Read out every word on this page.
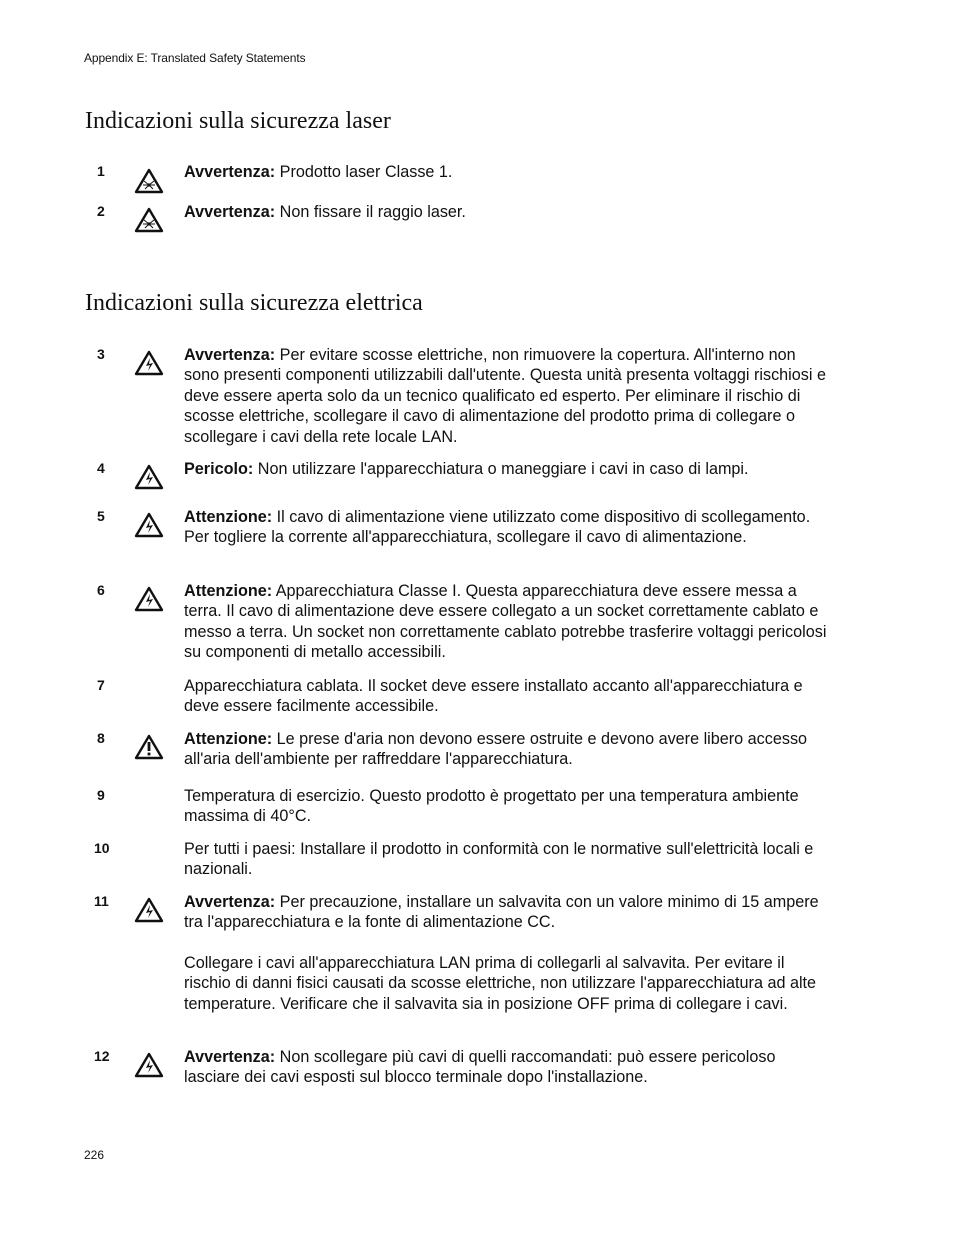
Appendix E: Translated Safety Statements
Indicazioni sulla sicurezza laser
1	Avvertenza: Prodotto laser Classe 1.

2	Avvertenza: Non fissare il raggio laser.

Indicazioni sulla sicurezza elettrica
3	Avvertenza: Per evitare scosse elettriche, non rimuovere la copertura. All'interno non sono presenti componenti utilizzabili dall'utente. Questa unità presenta voltaggi rischiosi e deve essere aperta solo da un tecnico qualificato ed esperto. Per eliminare il rischio di scosse elettriche, scollegare il cavo di alimentazione del prodotto prima di collegare o scollegare i cavi della rete locale LAN.

4	Pericolo: Non utilizzare l'apparecchiatura o maneggiare i cavi in caso di lampi.

5	Attenzione: Il cavo di alimentazione viene utilizzato come dispositivo di scollegamento. Per togliere la corrente all'apparecchiatura, scollegare il cavo di alimentazione.

6	Attenzione: Apparecchiatura Classe I. Questa apparecchiatura deve essere messa a terra. Il cavo di alimentazione deve essere collegato a un socket correttamente cablato e messo a terra. Un socket non correttamente cablato potrebbe trasferire voltaggi pericolosi su componenti di metallo accessibili.

7	Apparecchiatura cablata. Il socket deve essere installato accanto all'apparecchiatura e deve essere facilmente accessibile.

8	Attenzione: Le prese d'aria non devono essere ostruite e devono avere libero accesso all'aria dell'ambiente per raffreddare l'apparecchiatura.

9	Temperatura di esercizio. Questo prodotto è progettato per una temperatura ambiente massima di 40°C.

10	Per tutti i paesi: Installare il prodotto in conformità con le normative sull'elettricità locali e nazionali.

11	Avvertenza: Per precauzione, installare un salvavita con un valore minimo di 15 ampere tra l'apparecchiatura e la fonte di alimentazione CC.

Collegare i cavi all'apparecchiatura LAN prima di collegarli al salvavita. Per evitare il rischio di danni fisici causati da scosse elettriche, non utilizzare l'apparecchiatura ad alte temperature. Verificare che il salvavita sia in posizione OFF prima di collegare i cavi.

12	Avvertenza: Non scollegare più cavi di quelli raccomandati: può essere pericoloso lasciare dei cavi esposti sul blocco terminale dopo l'installazione.

226
